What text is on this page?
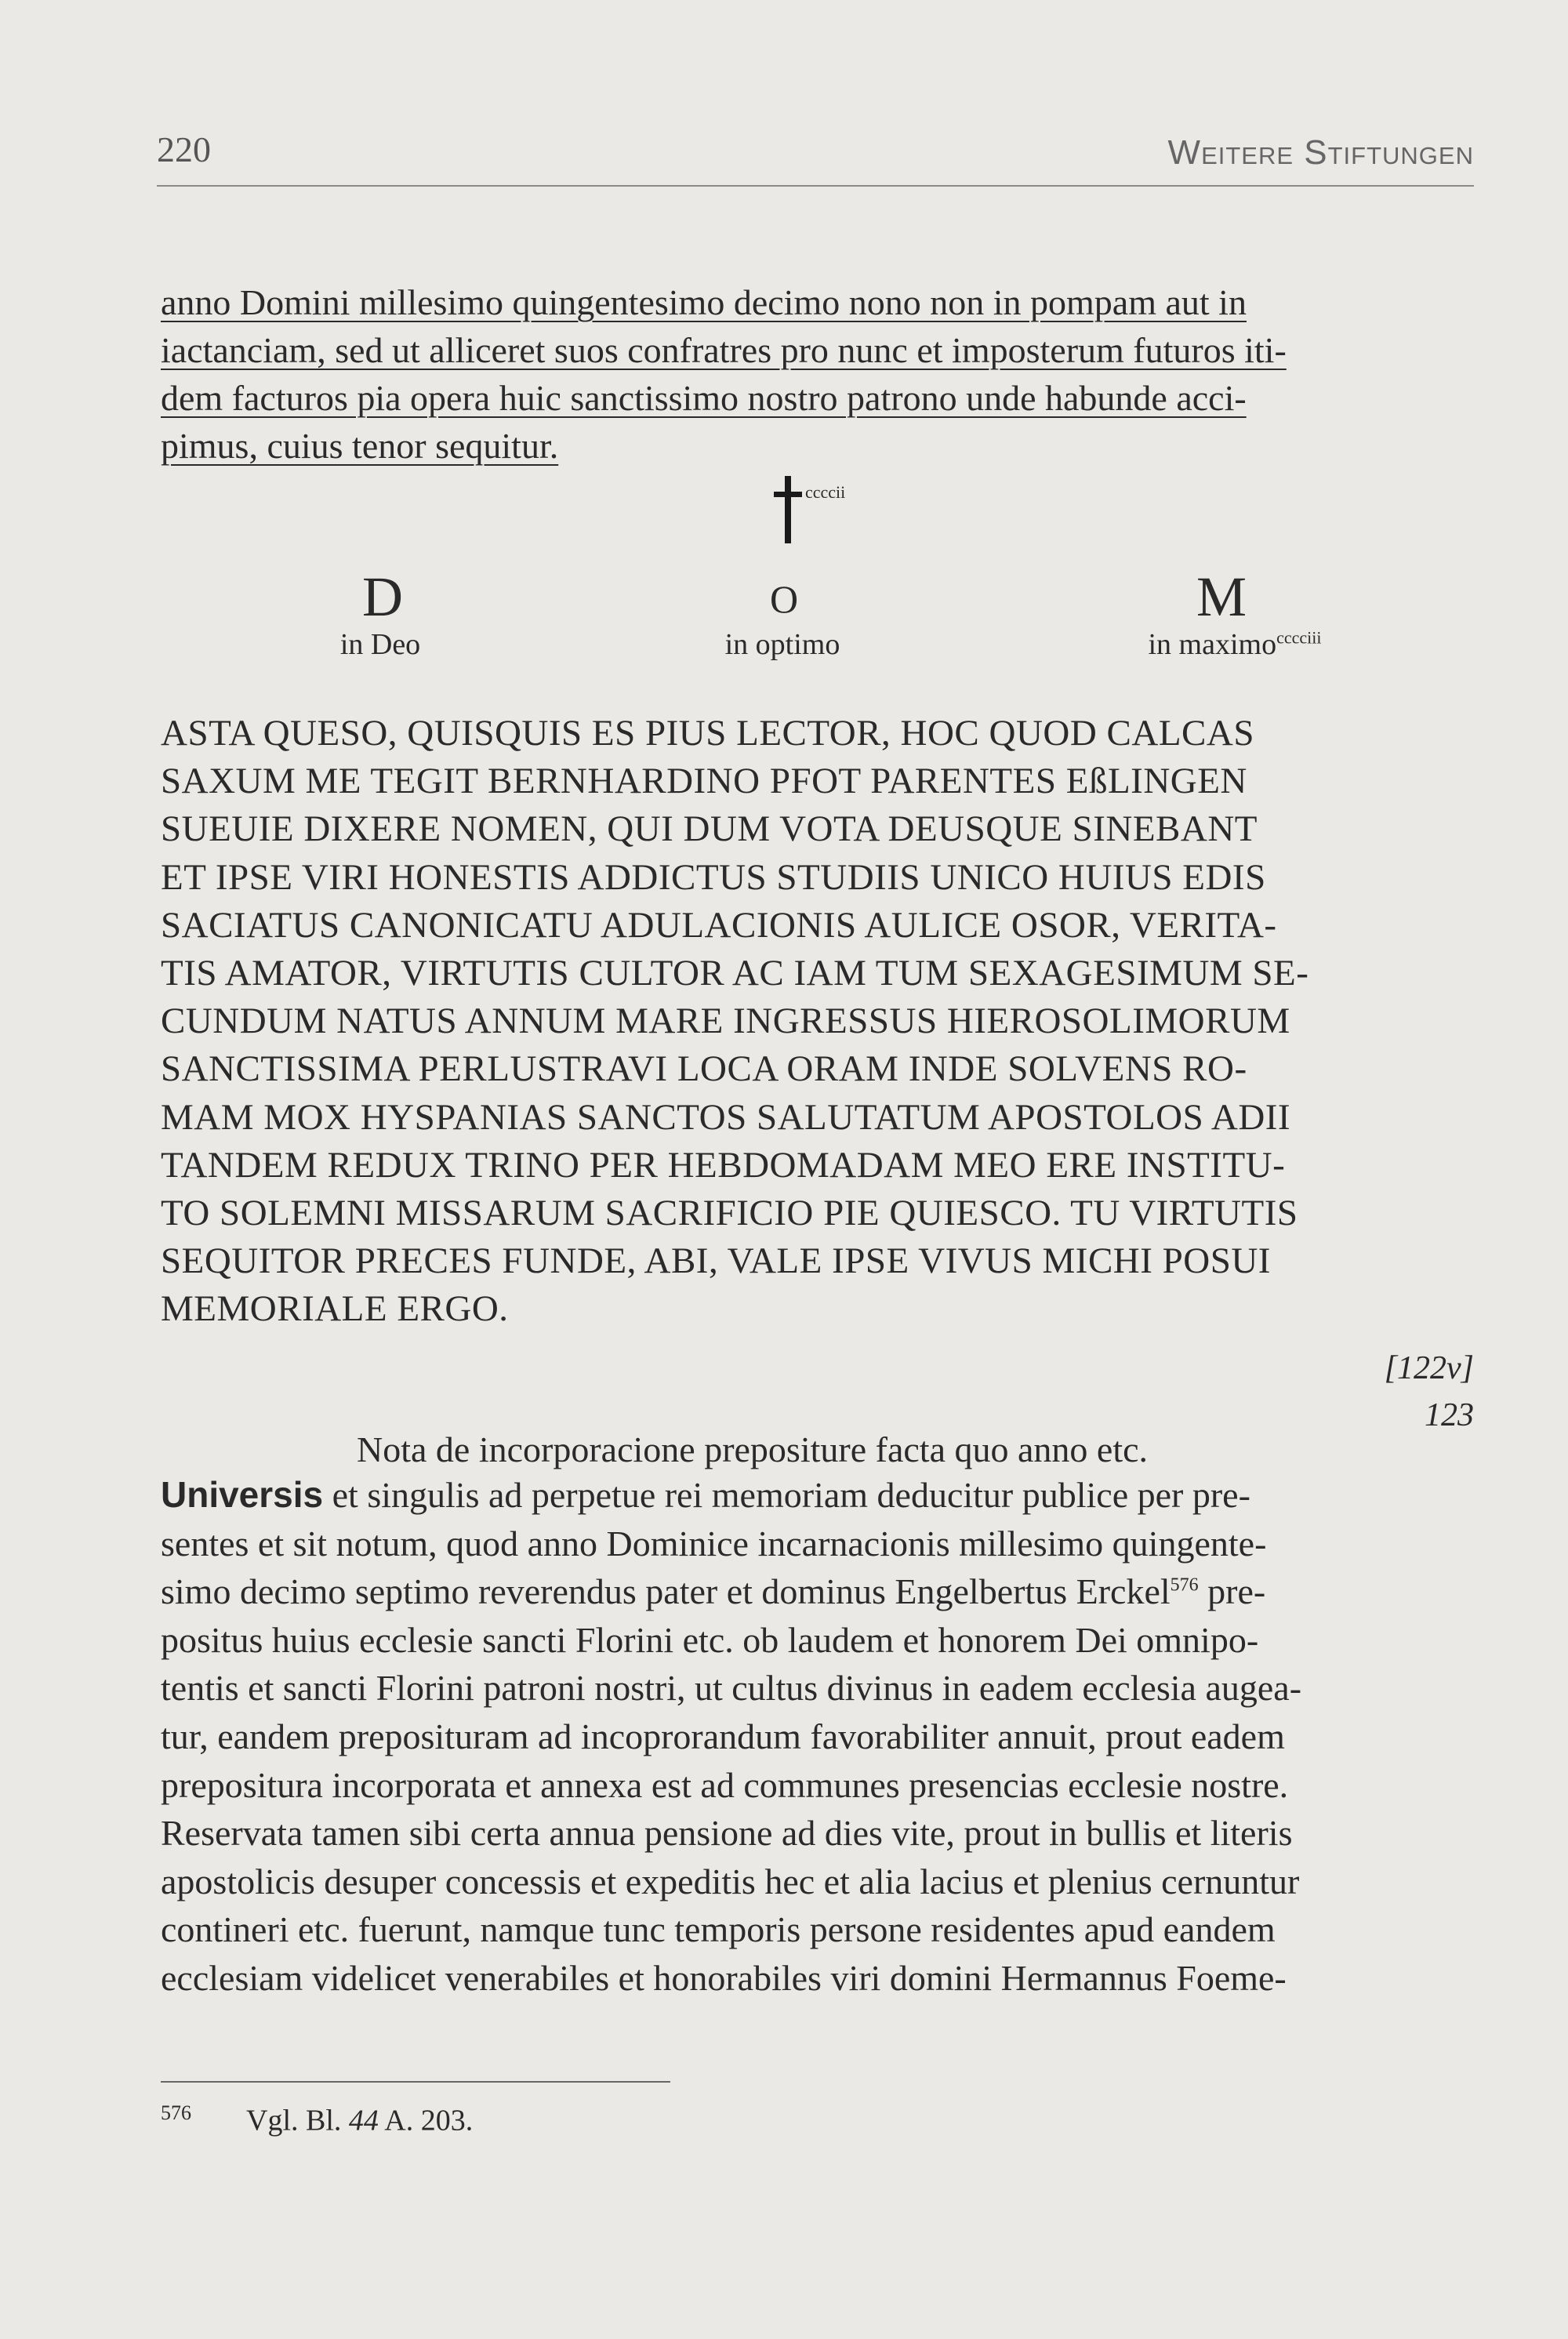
220	Weitere Stiftungen
anno Domini millesimo quingentesimo decimo nono non in pompam aut in
iactanciam, sed ut alliceret suos confratres pro nunc et imposterum futuros iti-
dem facturos pia opera huic sanctissimo nostro patrono unde habunde acci-
pimus, cuius tenor sequitur.
ccccii
D
in Deo
O
in optimo
M
in maximo$^{cccciii}$
ASTA QUESO, QUISQUIS ES PIUS LECTOR, HOC QUOD CALCAS
SAXUM ME TEGIT BERNHARDINO PFOT PARENTES EßLINGEN
SUEUIE DIXERE NOMEN, QUI DUM VOTA DEUSQUE SINEBANT
ET IPSE VIRI HONESTIS ADDICTUS STUDIIS UNICO HUIUS EDIS
SACIATUS CANONICATU ADULACIONIS AULICE OSOR, VERITA-
TIS AMATOR, VIRTUTIS CULTOR AC IAM TUM SEXAGESIMUM SE-
CUNDUM NATUS ANNUM MARE INGRESSUS HIEROSOLIMORUM
SANCTISSIMA PERLUSTRAVI LOCA ORAM INDE SOLVENS RO-
MAM MOX HYSPANIAS SANCTOS SALUTATUM APOSTOLOS ADII
TANDEM REDUX TRINO PER HEBDOMADAM MEO ERE INSTITU-
TO SOLEMNI MISSARUM SACRIFICIO PIE QUIESCO. TU VIRTUTIS
SEQUITOR PRECES FUNDE, ABI, VALE IPSE VIVUS MICHI POSUI
MEMORIALE ERGO.
[122v]
123
Nota de incorporacione prepositure facta quo anno etc.
Universis et singulis ad perpetue rei memoriam deducitur publice per pre-
sentes et sit notum, quod anno Dominice incarnacionis millesimo quingente-
simo decimo septimo reverendus pater et dominus Engelbertus Erckel$^{576}$ pre-
positus huius ecclesie sancti Florini etc. ob laudem et honorem Dei omnipo-
tentis et sancti Florini patroni nostri, ut cultus divinus in eadem ecclesia augea-
tur, eandem preposituram ad incoprorandum favorabiliter annuit, prout eadem
prepositura incorporata et annexa est ad communes presencias ecclesie nostre.
Reservata tamen sibi certa annua pensione ad dies vite, prout in bullis et literis
apostolicis desuper concessis et expeditis hec et alia lacius et plenius cernuntur
contineri etc. fuerunt, namque tunc temporis persone residentes apud eandem
ecclesiam videlicet venerabiles et honorabiles viri domini Hermannus Foeme-
$^{576}$ Vgl. Bl. 44 A. 203.
